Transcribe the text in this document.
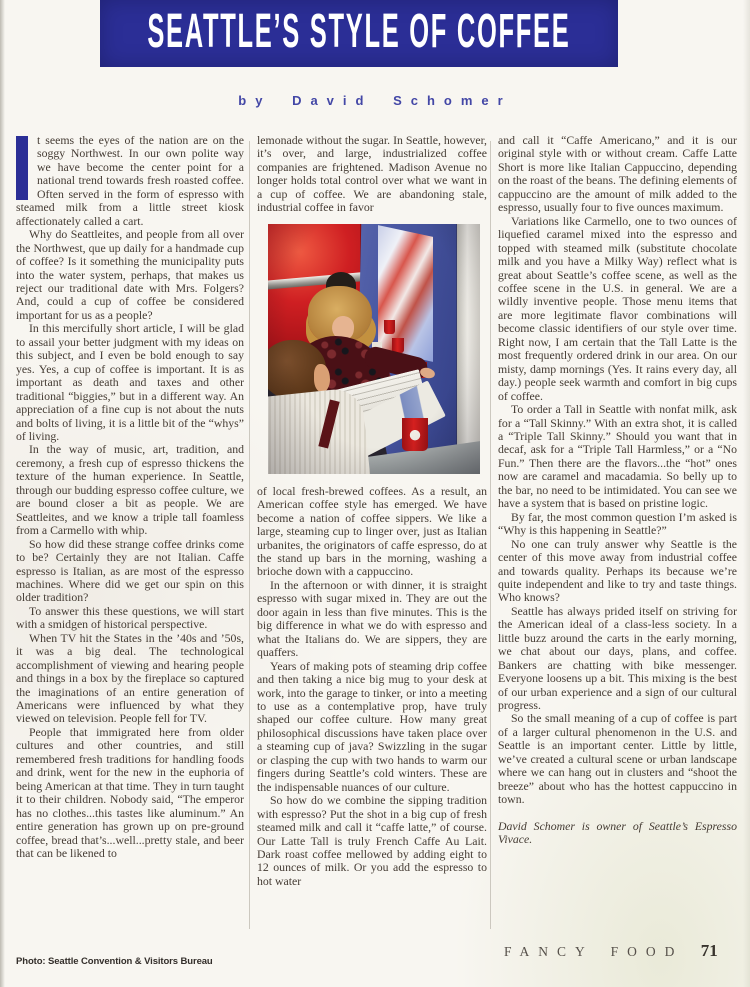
SEATTLE’S STYLE OF COFFEE
by David Schomer

I	t seems the eyes of the nation are on the soggy Northwest. In our own polite way we have become the center point for a national trend towards fresh roasted coffee. Often served in the form of espresso with steamed milk from a little street kiosk affectionately called a cart.

Why do Seattleites, and people from all over the Northwest, que up daily for a handmade cup of coffee? Is it something the municipality puts into the water system, perhaps, that makes us reject our traditional date with Mrs. Folgers? And, could a cup of coffee be considered important for us as a people?

In this mercifully short article, I will be glad to assail your better judgment with my ideas on this subject, and I even be bold enough to say yes. Yes, a cup of coffee is important. It is as important as death and taxes and other traditional “biggies,” but in a different way. An appreciation of a fine cup is not about the nuts and bolts of living, it is a little bit of the “whys” of living.

In the way of music, art, tradition, and ceremony, a fresh cup of espresso thickens the texture of the human experience. In Seattle, through our budding espresso coffee culture, we are bound closer a bit as people. We are Seattleites, and we know a triple tall foamless from a Carmello with whip.

So how did these strange coffee drinks come to be? Certainly they are not Italian. Caffe espresso is Italian, as are most of the espresso machines. Where did we get our spin on this older tradition?

To answer this these questions, we will start with a smidgen of historical perspective.

When TV hit the States in the ’40s and ’50s, it was a big deal. The technological accomplishment of viewing and hearing people and things in a box by the fireplace so captured the imaginations of an entire generation of Americans were influenced by what they viewed on television. People fell for TV.

People that immigrated here from older cultures and other countries, and still remembered fresh traditions for handling foods and drink, went for the new in the euphoria of being American at that time. They in turn taught it to their children. Nobody said, “The emperor has no clothes...this tastes like aluminum.” An entire generation has grown up on pre-ground coffee, bread that’s...well...pretty stale, and beer that can be likened to

lemonade without the sugar. In Seattle, however, it’s over, and large, industrialized coffee companies are frightened. Madison Avenue no longer holds total control over what we want in a cup of coffee. We are abandoning stale, industrial coffee in favor

of local fresh-brewed coffees. As a result, an American coffee style has emerged. We have become a nation of coffee sippers. We like a large, steaming cup to linger over, just as Italian urbanites, the originators of caffe espresso, do at the stand up bars in the morning, washing a brioche down with a cappuccino.

In the afternoon or with dinner, it is straight espresso with sugar mixed in. They are out the door again in less than five minutes. This is the big difference in what we do with espresso and what the Italians do. We are sippers, they are quaffers.

Years of making pots of steaming drip coffee and then taking a nice big mug to your desk at work, into the garage to tinker, or into a meeting to use as a contemplative prop, have truly shaped our coffee culture. How many great philosophical discussions have taken place over a steaming cup of java? Swizzling in the sugar or clasping the cup with two hands to warm our fingers during Seattle’s cold winters. These are the indispensable nuances of our culture.

So how do we combine the sipping tradition with espresso? Put the shot in a big cup of fresh steamed milk and call it “caffe latte,” of course. Our Latte Tall is truly French Caffe Au Lait. Dark roast coffee mellowed by adding eight to 12 ounces of milk. Or you add the espresso to hot water

and call it “Caffe Americano,” and it is our original style with or without cream. Caffe Latte Short is more like Italian Cappuccino, depending on the roast of the beans. The defining elements of cappuccino are the amount of milk added to the espresso, usually four to five ounces maximum.

Variations like Carmello, one to two ounces of liquefied caramel mixed into the espresso and topped with steamed milk (substitute chocolate milk and you have a Milky Way) reflect what is great about Seattle’s coffee scene, as well as the coffee scene in the U.S. in general. We are a wildly inventive people. Those menu items that are more legitimate flavor combinations will become classic identifiers of our style over time. Right now, I am certain that the Tall Latte is the most frequently ordered drink in our area. On our misty, damp mornings (Yes. It rains every day, all day.) people seek warmth and comfort in big cups of coffee.

To order a Tall in Seattle with nonfat milk, ask for a “Tall Skinny.” With an extra shot, it is called a “Triple Tall Skinny.” Should you want that in decaf, ask for a “Triple Tall Harmless,” or a “No Fun.” Then there are the flavors...the “hot” ones now are caramel and macadamia. So belly up to the bar, no need to be intimidated. You can see we have a system that is based on pristine logic.

By far, the most common question I’m asked is “Why is this happening in Seattle?”

No one can truly answer why Seattle is the center of this move away from industrial coffee and towards quality. Perhaps its because we’re quite independent and like to try and taste things. Who knows?

Seattle has always prided itself on striving for the American ideal of a class-less society. In a little buzz around the carts in the early morning, we chat about our days, plans, and coffee. Bankers are chatting with bike messenger. Everyone loosens up a bit. This mixing is the best of our urban experience and a sign of our cultural progress.

So the small meaning of a cup of coffee is part of a larger cultural phenomenon in the U.S. and Seattle is an important center. Little by little, we’ve created a cultural scene or urban landscape where we can hang out in clusters and “shoot the breeze” about who has the hottest cappuccino in town.

David Schomer is owner of Seattle’s Espresso Vivace.

Photo: Seattle Convention & Visitors Bureau
FANCY FOOD 71
